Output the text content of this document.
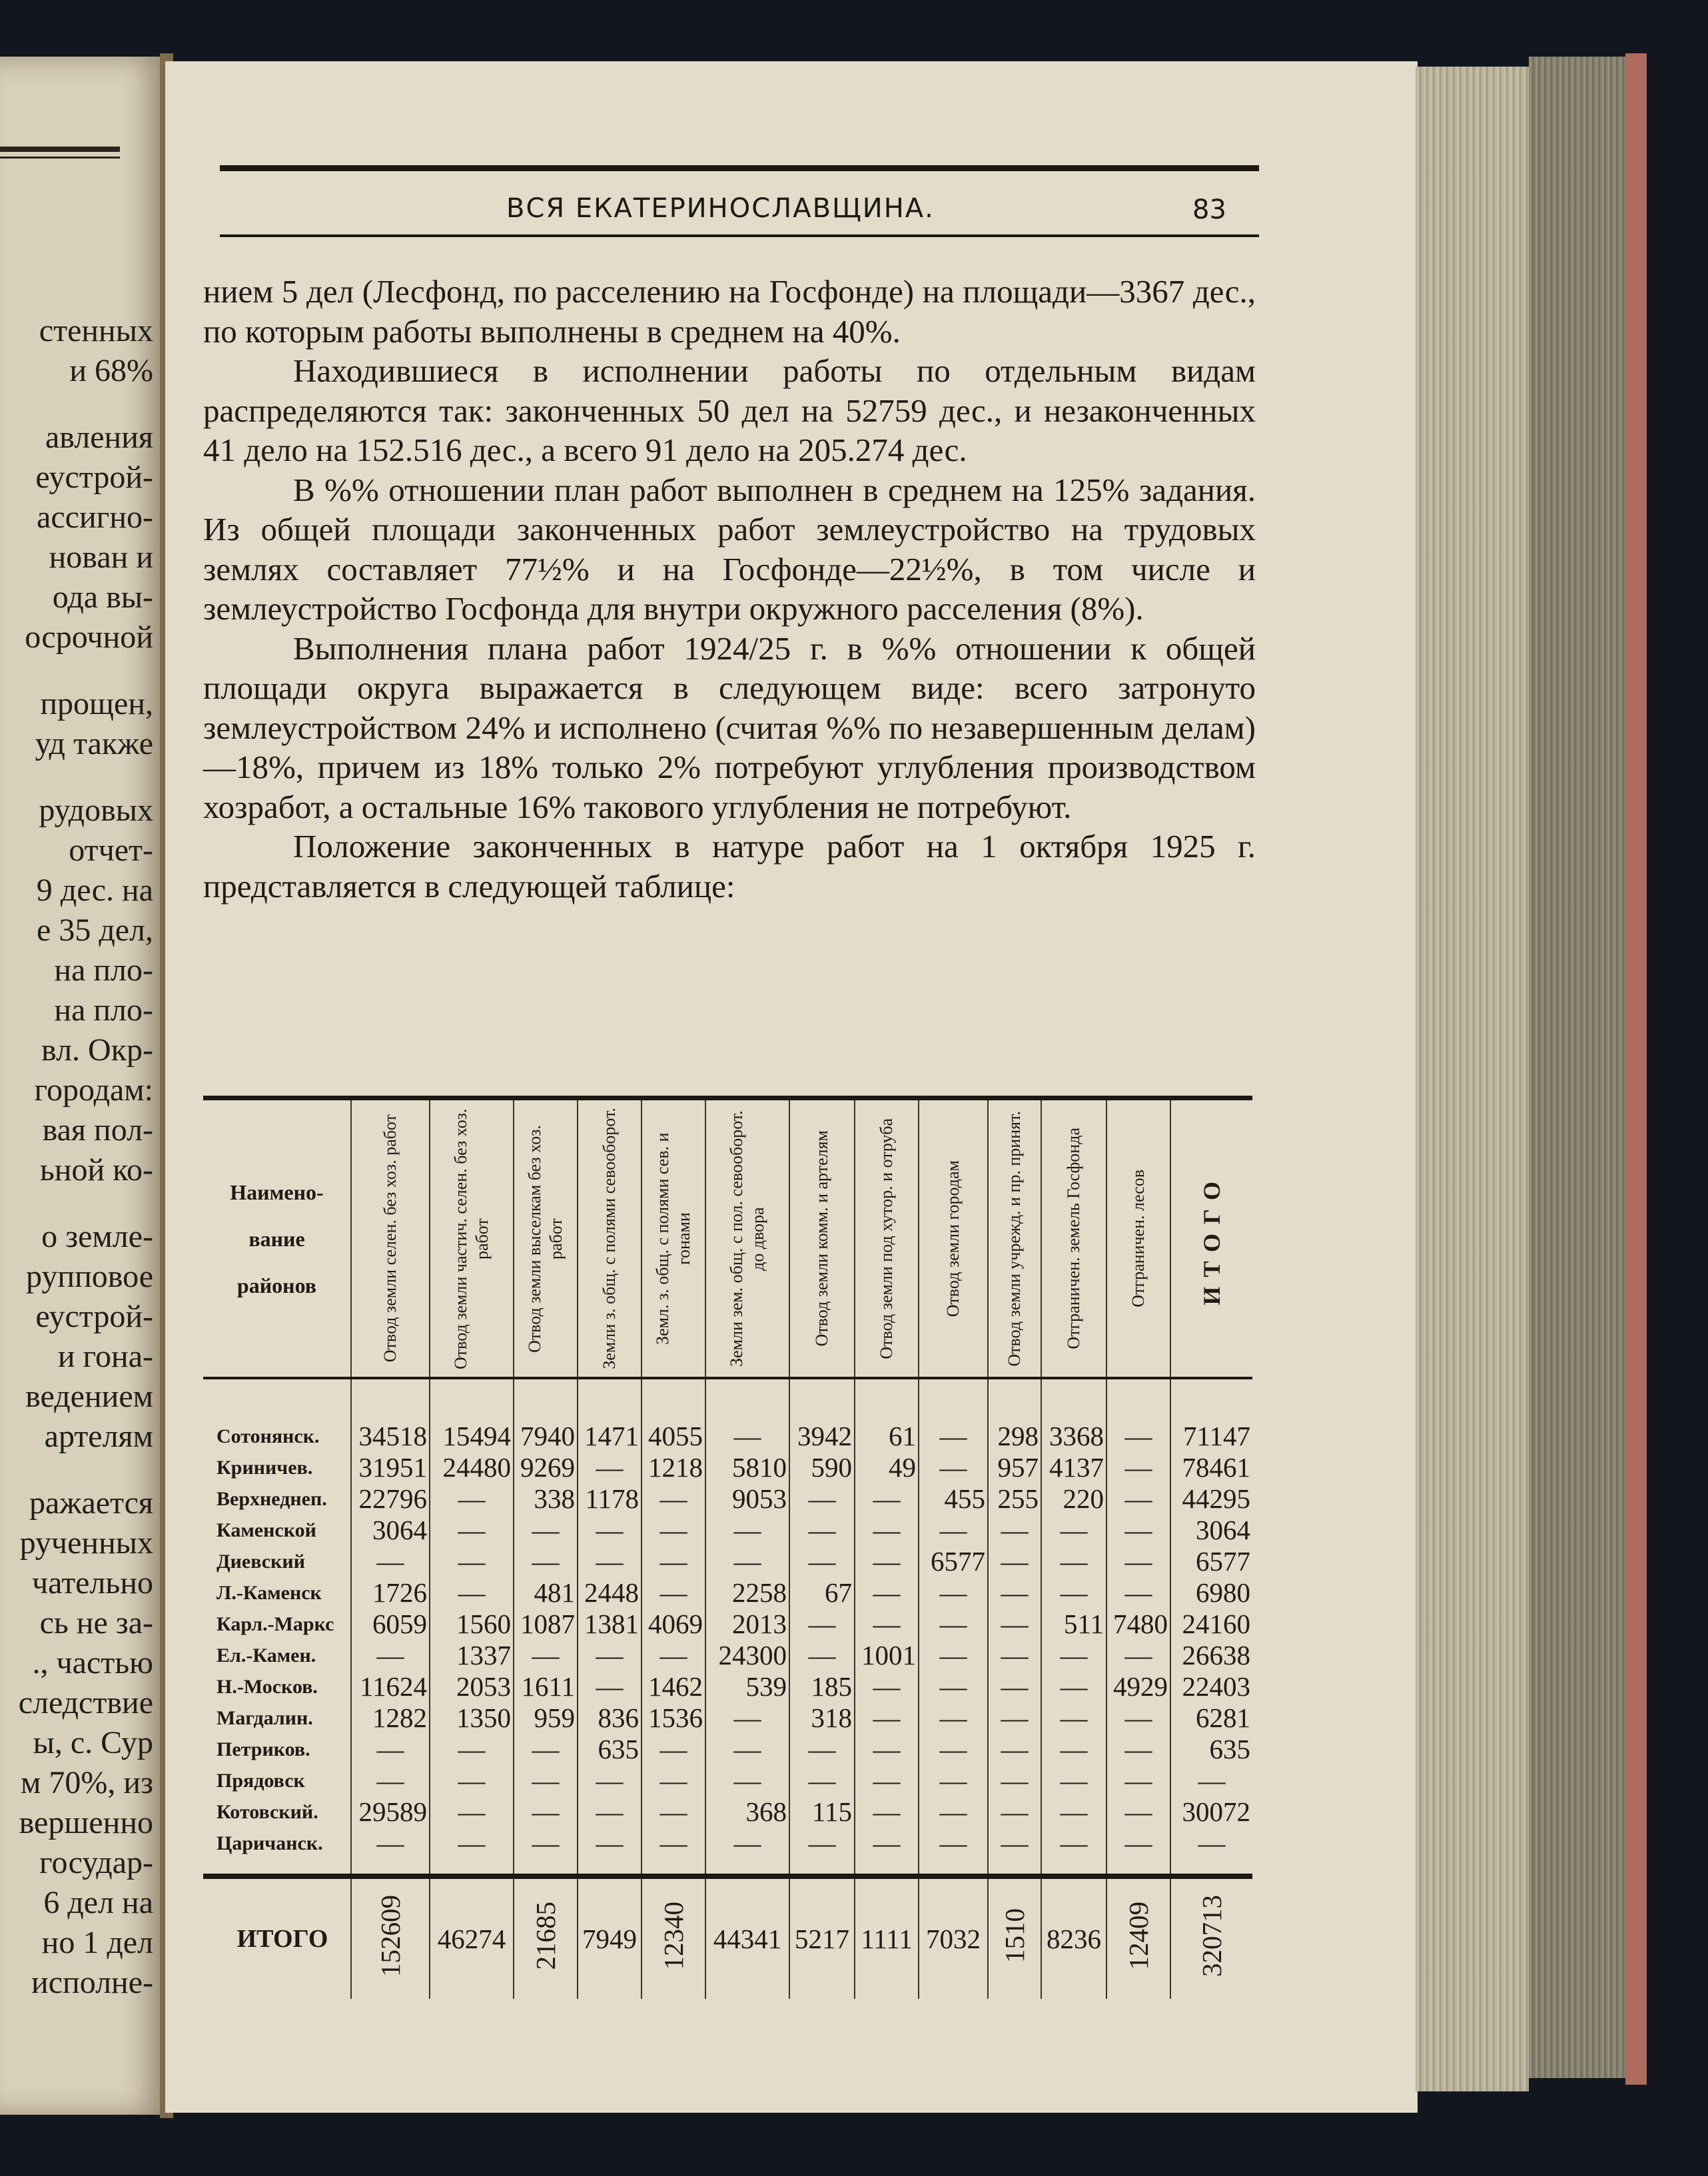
стенных
и 68%
авления
еустрой-
ассигно-
нован и
ода вы-
осрочной
прощен,
уд также
рудовых
отчет-
9 дес. на
е 35 дел,
на пло-
на пло-
вл. Окр-
городам:
вая пол-
ьной ко-
о земле-
рупповое
еустрой-
и гона-
ведением
артелям
ражается
рученных
чательно
сь не за-
., частью
следствие
ы, с. Сур
м 70%, из
вершенно
государ-
6 дел на
но 1 дел
исполне-
ВСЯ ЕКАТЕРИНОСЛАВЩИНА.	83

нием 5 дел (Лесфонд, по расселению на Госфонде) на площади—3367 дес., по которым работы выполнены в среднем на 40%.

Находившиеся в исполнении работы по отдельным видам распределяются так: законченных 50 дел на 52759 дес., и незаконченных 41 дело на 152.516 дес., а всего 91 дело на 205.274 дес.

В %% отношении план работ выполнен в среднем на 125% задания. Из общей площади законченных работ землеустройство на трудовых землях составляет 77½% и на Госфонде—22½%, в том числе и землеустройство Госфонда для внутри окружного расселения (8%).

Выполнения плана работ 1924/25 г. в %% отношении к общей площади округа выражается в следующем виде: всего затронуто землеустройством 24% и исполнено (считая %% по незавершенным делам)—18%, причем из 18% только 2% потребуют углубления производством хозработ, а остальные 16% такового углубления не потребуют.

Положение законченных в натуре работ на 1 октября 1925 г. представляется в следующей таблице:

Наимено-
вание
районов	Отвод земли селен. без хоз. работ	Отвод земли частич. селен. без хоз. работ	Отвод земли выселкам без хоз. работ	Земли з. общ. с полями севооборот.	Земл. з. общ. с полями сев. и гонами	Земли зем. общ. с пол. севооборот. до двора	Отвод земли комм. и артелям	Отвод земли под хутор. и отруба	Отвод земли городам	Отвод земли учрежд. и пр. принят.	Отграничен. земель Госфонда	Отграничен. лесов	ИТОГО

Сотонянск.	34518	15494	7940	1471	4055	—	3942	61	—	298	3368	—	71147
Криничев.	31951	24480	9269	—	1218	5810	590	49	—	957	4137	—	78461
Верхнеднеп.	22796	—	338	1178	—	9053	—	—	455	255	220	—	44295
Каменской	3064	—	—	—	—	—	—	—	—	—	—	—	3064
Диевский	—	—	—	—	—	—	—	—	6577	—	—	—	6577
Л.-Каменск	1726	—	481	2448	—	2258	67	—	—	—	—	—	6980
Карл.-Маркс	6059	1560	1087	1381	4069	2013	—	—	—	—	511	7480	24160
Ел.-Камен.	—	1337	—	—	—	24300	—	1001	—	—	—	—	26638
Н.-Москов.	11624	2053	1611	—	1462	539	185	—	—	—	—	4929	22403
Магдалин.	1282	1350	959	836	1536	—	318	—	—	—	—	—	6281
Петриков.	—	—	—	635	—	—	—	—	—	—	—	—	635
Прядовск	—	—	—	—	—	—	—	—	—	—	—	—	—
Котовский.	29589	—	—	—	—	368	115	—	—	—	—	—	30072
Царичанск.	—	—	—	—	—	—	—	—	—	—	—	—	—
ИТОГО	152609	46274	21685	7949	12340	44341	5217	1111	7032	1510	8236	12409	320713
